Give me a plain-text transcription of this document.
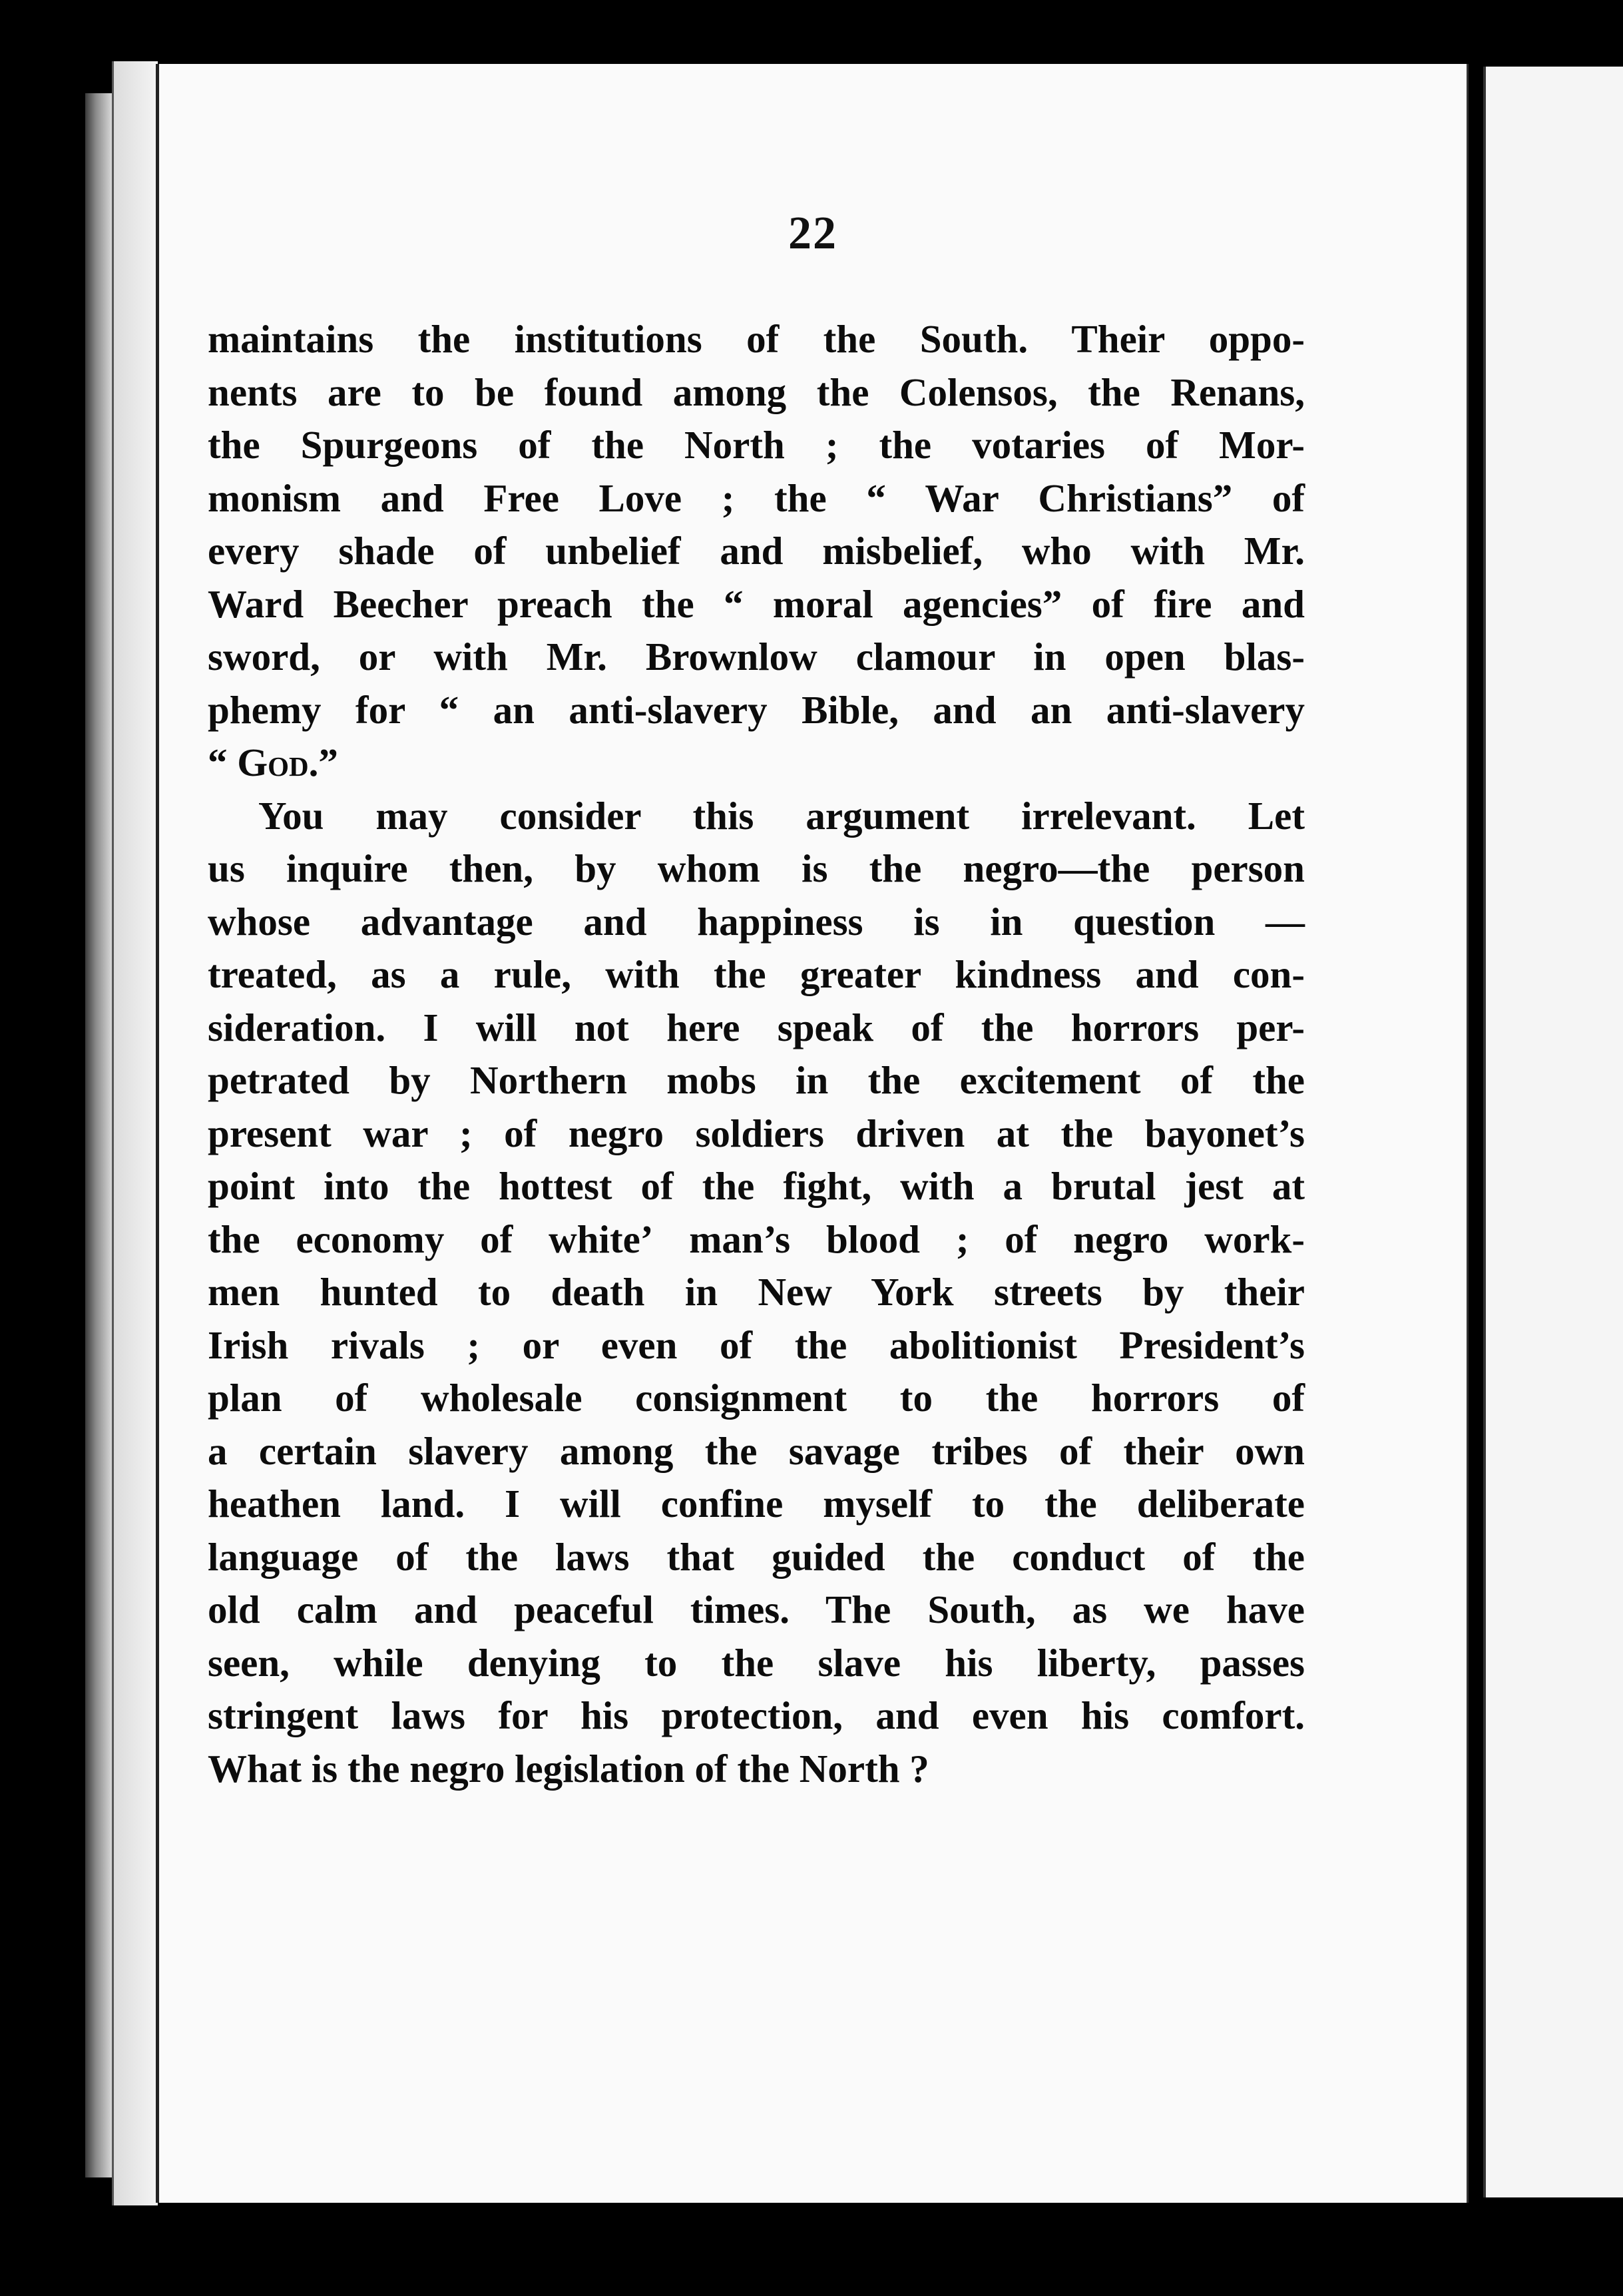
22
maintains the institutions of the South. Their oppo-
nents are to be found among the Colensos, the Renans,
the Spurgeons of the North ; the votaries of Mor-
monism and Free Love ; the “ War Christians” of
every shade of unbelief and misbelief, who with Mr.
Ward Beecher preach the “ moral agencies” of fire and
sword, or with Mr. Brownlow clamour in open blas-
phemy for “ an anti-slavery Bible, and an anti-slavery
“ God.”
You may consider this argument irrelevant. Let
us inquire then, by whom is the negro—the person
whose advantage and happiness is in question —
treated, as a rule, with the greater kindness and con-
sideration. I will not here speak of the horrors per-
petrated by Northern mobs in the excitement of the
present war ; of negro soldiers driven at the bayonet’s
point into the hottest of the fight, with a brutal jest at
the economy of whiteʼ man’s blood ; of negro work-
men hunted to death in New York streets by their
Irish rivals ; or even of the abolitionist President’s
plan of wholesale consignment to the horrors of
a certain slavery among the savage tribes of their own
heathen land. I will confine myself to the deliberate
language of the laws that guided the conduct of the
old calm and peaceful times. The South, as we have
seen, while denying to the slave his liberty, passes
stringent laws for his protection, and even his comfort.
What is the negro legislation of the North ?
